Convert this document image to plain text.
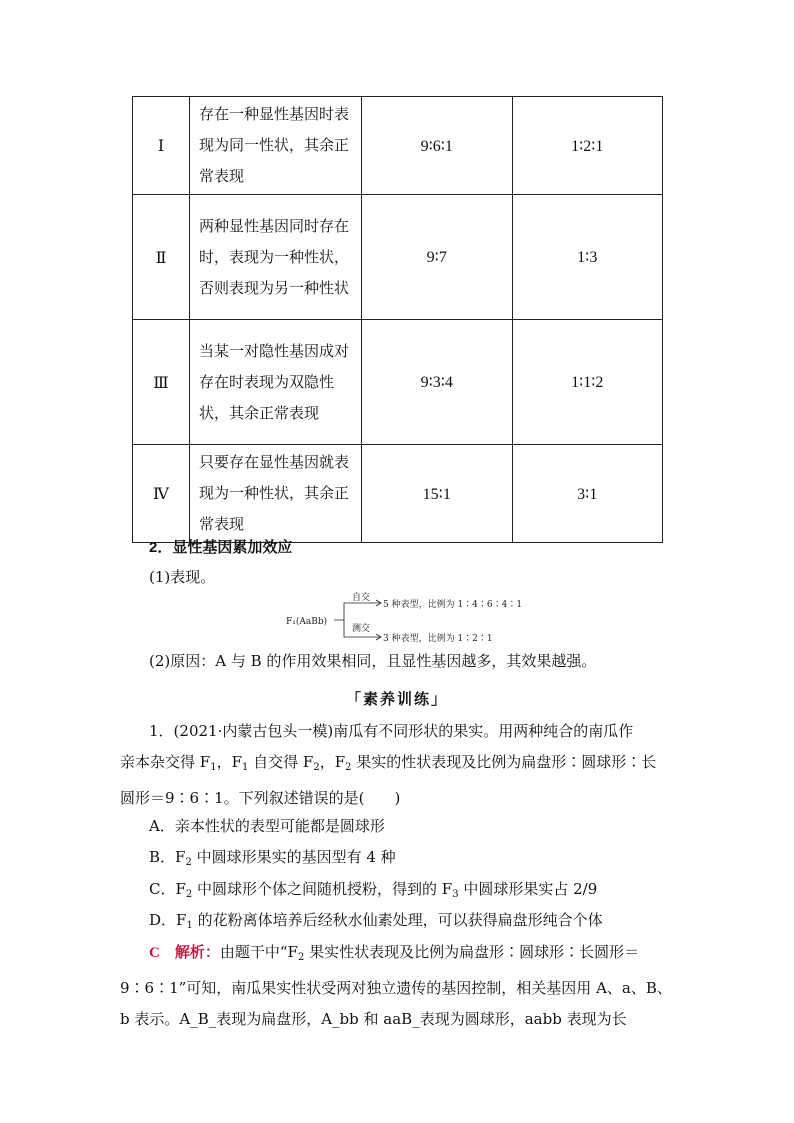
Ⅰ	存在一种显性基因时表现为同一性状，其余正常表现	9∶6∶1	1∶2∶1
Ⅱ	两种显性基因同时存在时，表现为一种性状，否则表现为另一种性状	9∶7	1∶3
Ⅲ	当某一对隐性基因成对存在时表现为双隐性状，其余正常表现	9∶3∶4	1∶1∶2
Ⅳ	只要存在显性基因就表现为一种性状，其余正常表现	15∶1	3∶1
2．显性基因累加效应
(1)表现。
F₁(AaBb)
自交
测交
5 种表型，比例为 1∶4∶6∶4∶1
3 种表型，比例为 1∶2∶1
(2)原因：A 与 B 的作用效果相同，且显性基因越多，其效果越强。
「素养训练」
1．(2021·内蒙古包头一模)南瓜有不同形状的果实。用两种纯合的南瓜作
亲本杂交得 $F_1$，$F_1$ 自交得 $F_2$，$F_2$ 果实的性状表现及比例为扁盘形∶圆球形∶长
圆形＝9∶6∶1。下列叙述错误的是(　　)
A．亲本性状的表型可能都是圆球形
B．$F_2$ 中圆球形果实的基因型有 4 种
C．$F_2$ 中圆球形个体之间随机授粉，得到的 $F_3$ 中圆球形果实占 2/9
D．$F_1$ 的花粉离体培养后经秋水仙素处理，可以获得扁盘形纯合个体
C　 解析：由题干中“$F_2$ 果实性状表现及比例为扁盘形∶圆球形∶长圆形＝9∶6∶1”可知，南瓜果实性状受两对独立遗传的基因控制，相关基因用 A、a、B、b 表示。A_B_表现为扁盘形，A_bb 和 aaB_表现为圆球形，aabb 表现为长
